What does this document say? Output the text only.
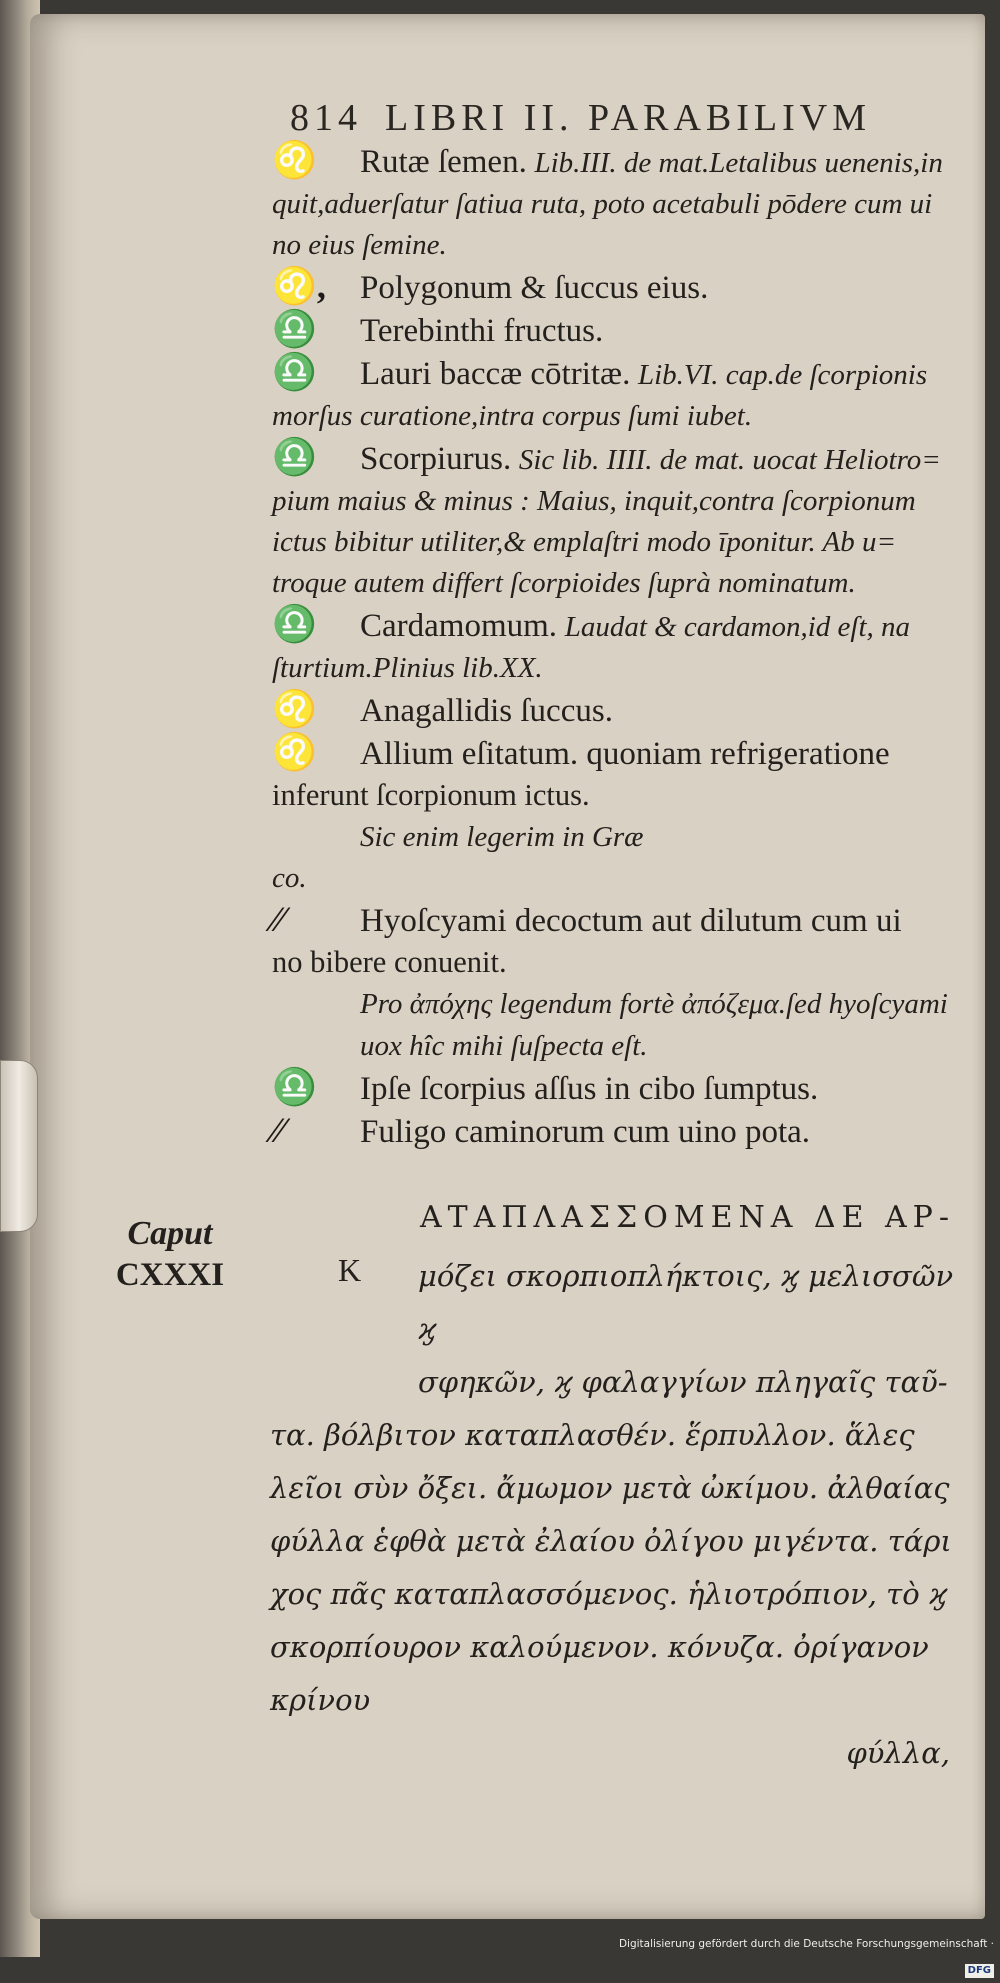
814 LIBRI II. PARABILIVM
♌ Rutæ ſemen. Lib.III. de mat.Letalibus uenenis,in
quit,aduerſatur ſatiua ruta, poto acetabuli pōdere cum ui
no eius ſemine.
♌, Polygonum & ſuccus eius.
♎ Terebinthi fructus.
♎ Lauri baccæ cōtritæ. Lib.VI. cap.de ſcorpionis
morſus curatione,intra corpus ſumi iubet.
♎ Scorpiurus. Sic lib. IIII. de mat. uocat Heliotro=
pium maius & minus : Maius, inquit,contra ſcorpionum
ictus bibitur utiliter,& emplaſtri modo īponitur. Ab u=
troque autem differt ſcorpioides ſuprà nominatum.
♎ Cardamomum. Laudat & cardamon,id eſt, na
ſturtium.Plinius lib.XX.
♌ Anagallidis ſuccus.
♌ Allium eſitatum. quoniam refrigeratione
inferunt ſcorpionum ictus.
Sic enim legerim in Græ
co.
⁄⁄ Hyoſcyami decoctum aut dilutum cum ui
no bibere conuenit.
Pro ἀπόχης legendum fortè ἀπόζεμα.ſed hyoſcyami uox hîc mihi ſuſpecta eſt.
♎ Ipſe ſcorpius aſſus in cibo ſumptus.
⁄⁄ Fuligo caminorum cum uino pota.
Caput
CXXXI
ΑΤΑΠΛΑΣΣΟΜΕΝΑ ΔΕ ΑΡ-
K	μόζει σκορπιοπλήκτοις, ϗ μελισσῶν ϗ
σφηκῶν, ϗ φαλαγγίων πληγαῖς ταῦ-
τα. βόλβιτον καταπλασθέν. ἕρπυλλον. ἅλες
λεῖοι σὺν ὄξει. ἄμωμον μετὰ ὠκίμου. ἀλθαίας
φύλλα ἑφθὰ μετὰ ἐλαίου ὀλίγου μιγέντα. τάρι
χος πᾶς καταπλασσόμενος. ἡλιοτρόπιον, τὸ ϗ
σκορπίουρον καλούμενον. κόνυζα. ὀρίγανον κρίνου
φύλλα,
Digitalisierung gefördert durch die Deutsche Forschungsgemeinschaft ·DFG
